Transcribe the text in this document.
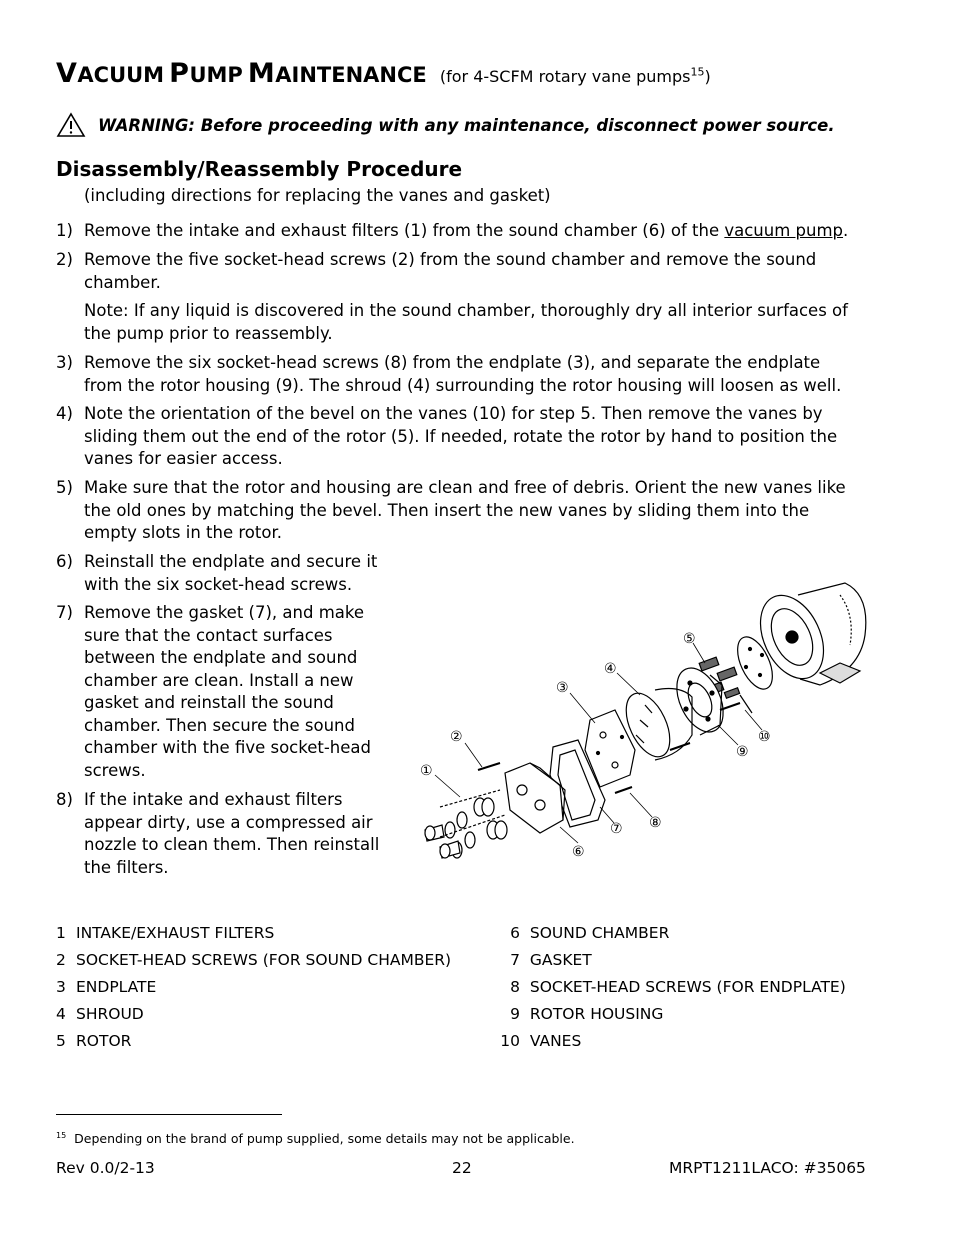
VACUUM PUMP MAINTENANCE (for 4-SCFM rotary vane pumps$^{15}$)
WARNING: Before proceeding with any maintenance, disconnect power source.
Disassembly/Reassembly Procedure
(including directions for replacing the vanes and gasket)
1) Remove the intake and exhaust filters (1) from the sound chamber (6) of the vacuum pump.
2) Remove the five socket-head screws (2) from the sound chamber and remove the sound
chamber.
Note: If any liquid is discovered in the sound chamber, thoroughly dry all interior surfaces of
the pump prior to reassembly.
3) Remove the six socket-head screws (8) from the endplate (3), and separate the endplate
from the rotor housing (9). The shroud (4) surrounding the rotor housing will loosen as well.
4) Note the orientation of the bevel on the vanes (10) for step 5. Then remove the vanes by
sliding them out the end of the rotor (5). If needed, rotate the rotor by hand to position the
vanes for easier access.
5) Make sure that the rotor and housing are clean and free of debris. Orient the new vanes like
the old ones by matching the bevel. Then insert the new vanes by sliding them into the
empty slots in the rotor.
6) Reinstall the endplate and secure it
with the six socket-head screws.
7) Remove the gasket (7), and make
sure that the contact surfaces
between the endplate and sound
chamber are clean. Install a new
gasket and reinstall the sound
chamber. Then secure the sound
chamber with the five socket-head
screws.
8) If the intake and exhaust filters
appear dirty, use a compressed air
nozzle to clean them. Then reinstall
the filters.
①
②
③
④
⑤
⑥
⑦ ⑧
⑨
⑩
1 INTAKE/EXHAUST FILTERS
2 SOCKET-HEAD SCREWS (FOR SOUND CHAMBER)
3 ENDPLATE
4 SHROUD
5 ROTOR
6 SOUND CHAMBER
7 GASKET
8 SOCKET-HEAD SCREWS (FOR ENDPLATE)
9 ROTOR HOUSING
10 VANES
$^{15}$ Depending on the brand of pump supplied, some details may not be applicable.
Rev 0.0/2-13	22	MRPT1211LACO: #35065
